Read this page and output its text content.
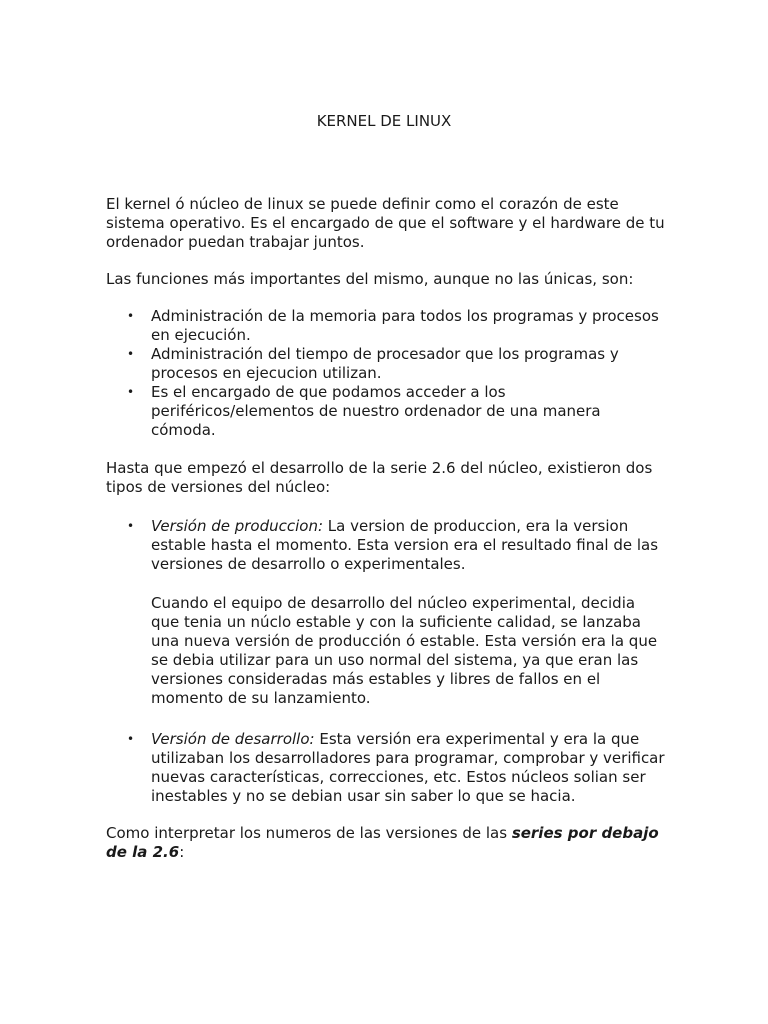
KERNEL DE LINUX

El kernel ó núcleo de linux se puede definir como el corazón de este sistema operativo. Es el encargado de que el software y el hardware de tu ordenador puedan trabajar juntos.

Las funciones más importantes del mismo, aunque no las únicas, son:

• Administración de la memoria para todos los programas y procesos en ejecución.
• Administración del tiempo de procesador que los programas y procesos en ejecucion utilizan.
• Es el encargado de que podamos acceder a los periféricos/elementos de nuestro ordenador de una manera cómoda.

Hasta que empezó el desarrollo de la serie 2.6 del núcleo, existieron dos tipos de versiones del núcleo:

• Versión de produccion: La version de produccion, era la version estable hasta el momento. Esta version era el resultado final de las versiones de desarrollo o experimentales.

Cuando el equipo de desarrollo del núcleo experimental, decidia que tenia un núclo estable y con la suficiente calidad, se lanzaba una nueva versión de producción ó estable. Esta versión era la que se debia utilizar para un uso normal del sistema, ya que eran las versiones consideradas más estables y libres de fallos en el momento de su lanzamiento.

• Versión de desarrollo: Esta versión era experimental y era la que utilizaban los desarrolladores para programar, comprobar y verificar nuevas características, correcciones, etc. Estos núcleos solian ser inestables y no se debian usar sin saber lo que se hacia.

Como interpretar los numeros de las versiones de las series por debajo de la 2.6:
